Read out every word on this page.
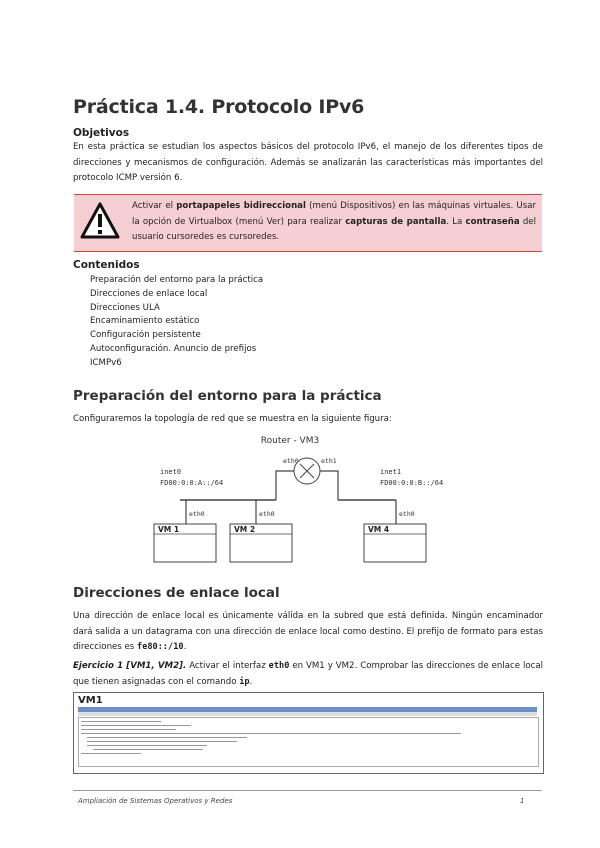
Práctica 1.4. Protocolo IPv6
Objetivos

En esta práctica se estudian los aspectos básicos del protocolo IPv6, el manejo de los diferentes tipos de direcciones y mecanismos de configuración. Además se analizarán las características más importantes del protocolo ICMP versión 6.

Activar el portapapeles bidireccional (menú Dispositivos) en las máquinas virtuales. Usar la opción de Virtualbox (menú Ver) para realizar capturas de pantalla. La contraseña del usuario cursoredes es cursoredes.
Contenidos
Preparación del entorno para la práctica
Direcciones de enlace local
Direcciones ULA
Encaminamiento estático
Configuración persistente
Autoconfiguración. Anuncio de prefijos
ICMPv6
Preparación del entorno para la práctica

Configuraremos la topología de red que se muestra en la siguiente figura:

Router - VM3
eth0	eth1
inet0
FD00:0:0:A::/64
inet1
FD00:0:0:B::/64
eth0
VM 1
eth0
VM 2
eth0
VM 4
Direcciones de enlace local

Una dirección de enlace local es únicamente válida en la subred que está definida. Ningún encaminador dará salida a un datagrama con una dirección de enlace local como destino. El prefijo de formato para estas direcciones es fe80::/10.

Ejercicio 1 [VM1, VM2]. Activar el interfaz eth0 en VM1 y VM2. Comprobar las direcciones de enlace local que tienen asignadas con el comando ip.

VM1
Ampliación de Sistemas Operativos y Redes	1
